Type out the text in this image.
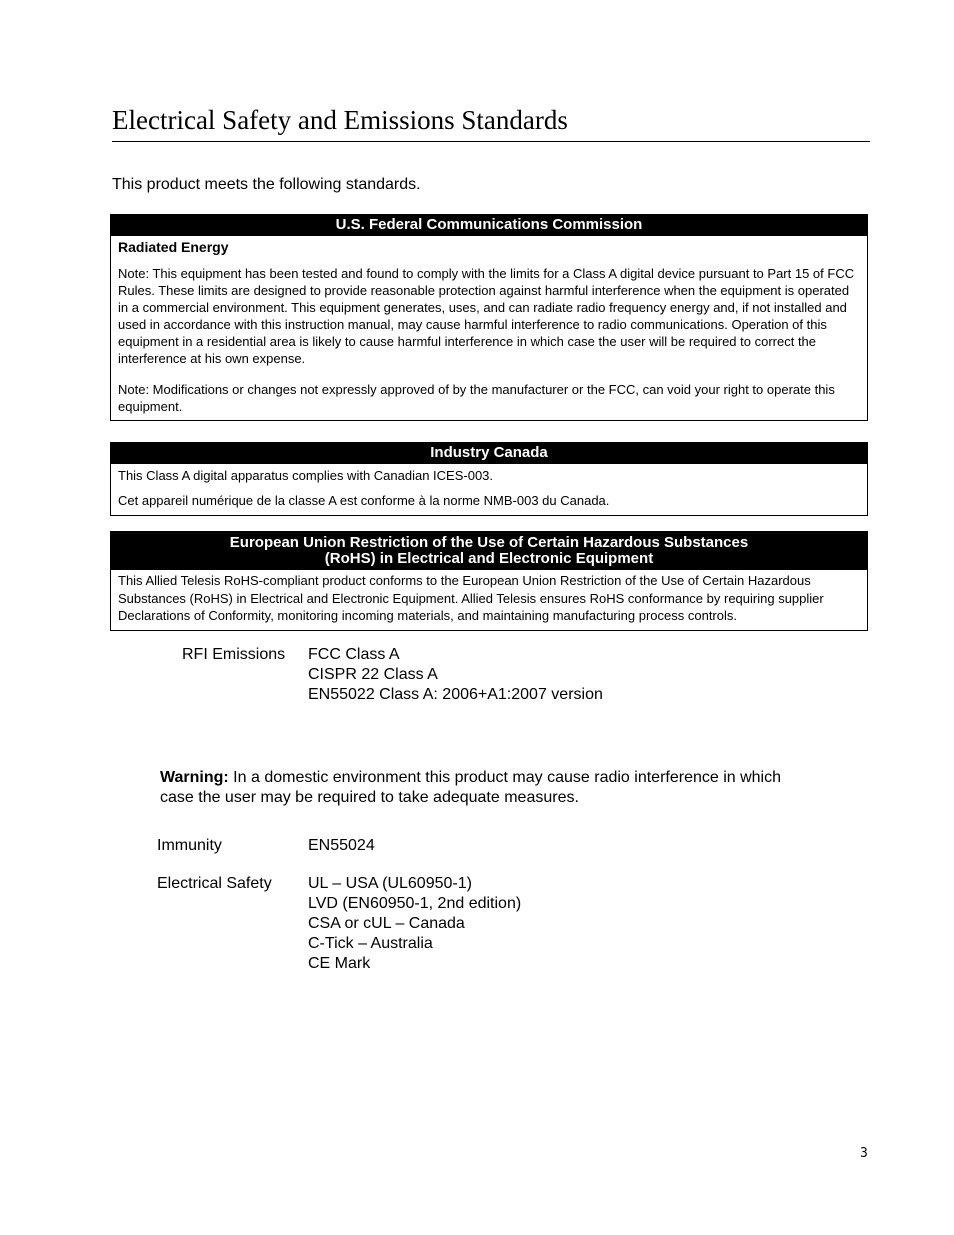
Electrical Safety and Emissions Standards
This product meets the following standards.
U.S. Federal Communications Commission
Radiated Energy

Note: This equipment has been tested and found to comply with the limits for a Class A digital device pursuant to Part 15 of FCC Rules. These limits are designed to provide reasonable protection against harmful interference when the equipment is operated in a commercial environment. This equipment generates, uses, and can radiate radio frequency energy and, if not installed and used in accordance with this instruction manual, may cause harmful interference to radio communications. Operation of this equipment in a residential area is likely to cause harmful interference in which case the user will be required to correct the interference at his own expense.

Note: Modifications or changes not expressly approved of by the manufacturer or the FCC, can void your right to operate this equipment.

Industry Canada

This Class A digital apparatus complies with Canadian ICES-003.

Cet appareil numérique de la classe A est conforme à la norme NMB-003 du Canada.

European Union Restriction of the Use of Certain Hazardous Substances
(RoHS) in Electrical and Electronic Equipment

This Allied Telesis RoHS-compliant product conforms to the European Union Restriction of the Use of Certain Hazardous Substances (RoHS) in Electrical and Electronic Equipment. Allied Telesis ensures RoHS conformance by requiring supplier Declarations of Conformity, monitoring incoming materials, and maintaining manufacturing process controls.

RFI Emissions FCC Class A
CISPR 22 Class A
EN55022 Class A: 2006+A1:2007 version
Warning: In a domestic environment this product may cause radio interference in which case the user may be required to take adequate measures.
Immunity	EN55024
Electrical Safety UL – USA (UL60950-1)
LVD (EN60950-1, 2nd edition)
CSA or cUL – Canada
C-Tick – Australia
CE Mark
3
